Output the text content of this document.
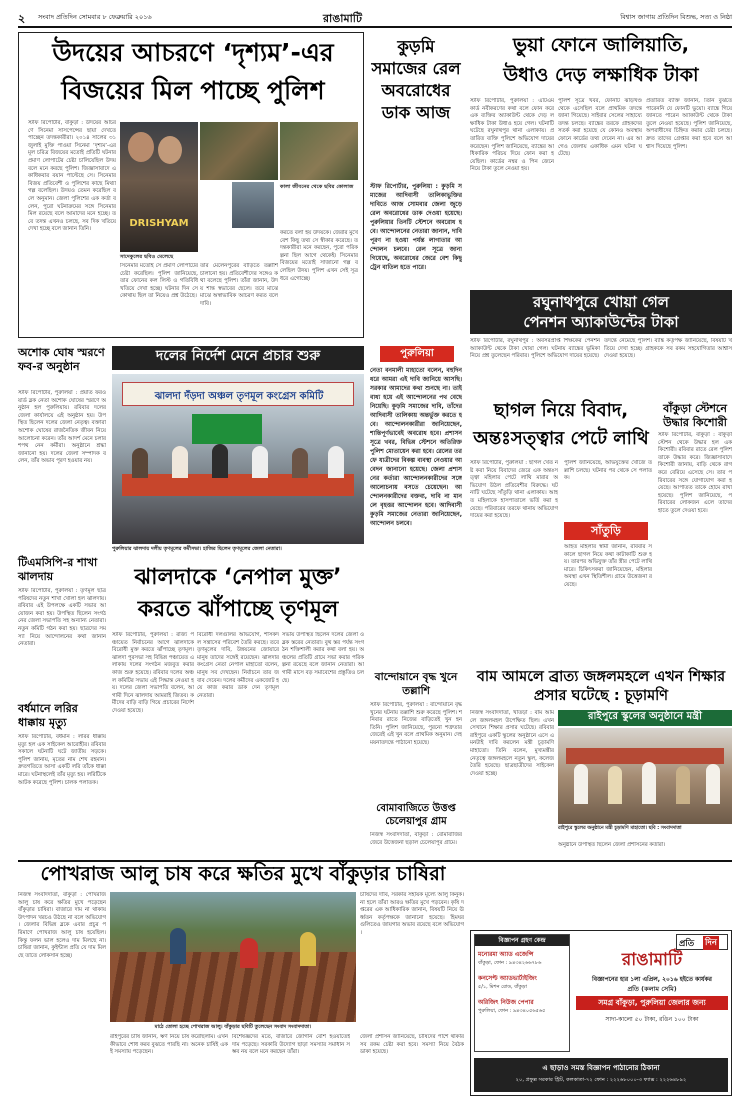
২ সংবাদ প্রতিদিন সোমবার ৮ ফেব্রুয়ারি ২০১৬	রাঙামাটি	বিশ্বাস জাগায় প্রতিদিন বিশুদ্ধ, সত্য ও নিষ্ঠা
উদয়ের আচরণে ‘দৃশ্যম’-এর
বিজয়ের মিল পাচ্ছে পুলিশ
স্টাফ রিপোর্টার, বাঁকুড়া : উদয়ের আচরণে সিনেমা সাসপেন্সের ছায়া দেখতে পাচ্ছেন তদন্তকারীরা। ২০১৪ সালের ৩১ জুলাই মুক্তি পাওয়া সিনেমা ‘দৃশ্যম’-এর মূল চরিত্র বিজয়ের মতোই প্রতিটি ঘটনার প্রমাণ লোপাটের চেষ্টা চালিয়েছিল উদয় বলে মনে করছে পুলিশ। জিজ্ঞাসাবাদে একাধিকবার বয়ান পাল্টেছে সে। সিনেমার বিজয় প্রতিবেশী ও পুলিশের কাছে মিথ্যা গল্প বলেছিল। উদয়ও তেমন করেছিল বলে অনুমান। জেলা পুলিশের এক কর্তা বলেন, পুরো ঘটনাক্রমের সঙ্গে সিনেমার মিল রয়েছে বলে আমাদের মনে হচ্ছে। তবে তদন্ত এখনও চলছে, সব দিক খতিয়ে দেখা হচ্ছে বলে জানান তিনি।
DRISHYAM
কালা জীবনের থেকে ছবির কোলাজ
সাদেকুলের ছবিও মেলেছে
সিনেমার মতোই সে প্রমাণ লোপাটের চেষ্টা করেছিল। পুলিশ জানিয়েছে, তার ফোনের কল লিস্ট ও গতিবিধি খতিয়ে দেখা হচ্ছে। ঘটনার দিন সে কোথায় ছিল তা নিয়েও প্রশ্ন উঠেছে।
তার মেলেনপুরের বাড়িতে তল্লাশি চালানো হয়। প্রতিবেশীদের সঙ্গেও কথা বলেছে পুলিশ। তাঁরা জানান, উদয় শান্ত স্বভাবের ছেলে। তবে মাঝে মাঝে অস্বাভাবিক আচরণ করত বলে দাবি।
করতে বলা হয় উদয়কে। জেরার মুখে বেশ কিছু তথ্য সে স্বীকার করেছে। তদন্তকারীরা মনে করছেন, পুরো পরিকল্পনা ছিল আগে থেকেই। সিনেমার বিজয়ের মতোই সাজানো গল্প বলেছিল উদয়। পুলিশ এখন সেই সূত্র ধরে এগোচ্ছে।
কুড়মি সমাজের রেল অবরোধের ডাক আজ
স্টাফ রিপোর্টার, পুরুলিয়া : কুড়মি সমাজের আদিবাসী তালিকাভুক্তির দাবিতে আজ সোমবার জেলা জুড়ে রেল অবরোধের ডাক দেওয়া হয়েছে। পুরুলিয়ার তিনটি স্টেশনে অবরোধ হবে। আন্দোলনের নেতারা জানান, দাবি পূরণ না হওয়া পর্যন্ত লাগাতার আন্দোলন চলবে। রেল সূত্রে জানা গিয়েছে, অবরোধের জেরে বেশ কিছু ট্রেন বাতিল হতে পারে।
পুরুলিয়া
নেতা বনমালী মাহাতো বলেন, বহুদিন ধরে আমরা এই দাবি জানিয়ে আসছি। সরকার আমাদের কথা শুনছে না। তাই বাধ্য হয়ে এই আন্দোলনের পথ বেছে নিয়েছি। কুড়মি সমাজের দাবি, তাঁদের আদিবাসী তালিকায় অন্তর্ভুক্ত করতে হবে। আন্দোলনকারীরা জানিয়েছেন, শান্তিপূর্ণভাবেই অবরোধ হবে। প্রশাসন সূত্রে খবর, বিভিন্ন স্টেশনে অতিরিক্ত পুলিশ মোতায়েন করা হবে। রেলের তরফে যাত্রীদের বিকল্প ব্যবস্থা নেওয়ার আবেদন জানানো হয়েছে। জেলা প্রশাসনের কর্তারা আন্দোলনকারীদের সঙ্গে আলোচনায় বসতে চেয়েছেন। আন্দোলনকারীদের বক্তব্য, দাবি না মানলে বৃহত্তর আন্দোলন হবে। আদিবাসী কুড়মি সমাজের নেতারা জানিয়েছেন, আন্দোলন চলবে।
ভুয়া ফোনে জালিয়াতি,
উধাও দেড় লক্ষাধিক টাকা
স্টাফ রিপোর্টার, পুরুলিয়া : এটিএম কার্ড নবীকরণের কথা বলে ফোন করে এক ব্যক্তির অ্যাকাউন্ট থেকে দেড় লক্ষাধিক টাকা উধাও হয়ে গেল। ঘটনাটি ঘটেছে রঘুনাথপুর থানা এলাকায়। প্রতারিত ব্যক্তি পুলিশে অভিযোগ দায়ের করেছেন। পুলিশ জানিয়েছে, ব্যাঙ্কের আধিকারিক পরিচয় দিয়ে ফোন করা হয়েছিল। কার্ডের নম্বর ও পিন জেনে নিয়ে টাকা তুলে নেওয়া হয়।
পুলিশ সূত্রে খবর, ফোনটি ঝাড়খণ্ড থেকে এসেছিল বলে প্রাথমিক তদন্তে জানা গিয়েছে। সাইবার সেলের সাহায্যে তদন্ত চলছে। ব্যাঙ্কের তরফে গ্রাহকদের সতর্ক করা হয়েছে যে কোনও অবস্থায় ফোনে কার্ডের তথ্য দেবেন না। এর আগেও জেলায় একাধিক এমন ঘটনা ঘটেছে।
প্রতারিত ব্যক্তি জানান, তিনি বুঝতে পারেননি যে ফোনটি ভুয়ো। ব্যাঙ্কে গিয়ে জানতে পারেন অ্যাকাউন্ট থেকে টাকা তুলে নেওয়া হয়েছে। পুলিশ জানিয়েছে, অপরাধীদের চিহ্নিত করার চেষ্টা চলছে। দ্রুত তাদের গ্রেপ্তার করা হবে বলে আশ্বাস দিয়েছে পুলিশ।
রঘুনাথপুরে খোয়া গেল
পেনশন অ্যাকাউন্টের টাকা
স্টাফ রিপোর্টার, রঘুনাথপুর : অবসরপ্রাপ্ত শিক্ষকের পেনশন অ্যাকাউন্ট থেকে টাকা খোয়া গেল। ঘটনায় ব্যাঙ্কের ভূমিকা নিয়ে প্রশ্ন তুলেছেন পরিবার। পুলিশে অভিযোগ দায়ের হয়েছে।
তদন্তে নেমেছে পুলিশ। ব্যাঙ্ক কর্তৃপক্ষ জানিয়েছে, বিষয়টি খতিয়ে দেখা হচ্ছে। গ্রাহককে সব রকম সহযোগিতার আশ্বাস দেওয়া হয়েছে।
অশোক ঘোষ স্মরণে ফব-র অনুষ্ঠান
স্টাফ রিপোর্টার, পুরুলিয়া : প্রয়াত ফরওয়ার্ড ব্লক নেতা অশোক ঘোষের স্মরণে অনুষ্ঠান হল পুরুলিয়ায়। রবিবার দলের জেলা কার্যালয়ে এই অনুষ্ঠান হয়। উপস্থিত ছিলেন দলের জেলা নেতৃত্ব। বক্তারা অশোক ঘোষের রাজনৈতিক জীবন নিয়ে আলোচনা করেন। তাঁর আদর্শ মেনে চলার শপথ নেন কর্মীরা। অনুষ্ঠানে শ্রদ্ধা জানানো হয়। দলের জেলা সম্পাদক বলেন, তাঁর অভাব পূরণ হওয়ার নয়।
দলের নির্দেশ মেনে প্রচার শুরু
ঝালদা দঁড়দা অঞ্চল তৃণমূল কংগ্রেস কমিটি
পুরুলিয়ার ঝালদায় দলীয় তৃণমূলের কর্মীসভা। হাজির ছিলেন তৃণমূলের জেলা নেতারা।
টিএমসিপি-র শাখা ঝালদায়
স্টাফ রিপোর্টার, পুরুলিয়া : তৃণমূল ছাত্র পরিষদের নতুন শাখা খোলা হল ঝালদায়। রবিবার এই উপলক্ষে একটি সভার আয়োজন করা হয়। উপস্থিত ছিলেন সংগঠনের জেলা সভাপতি সহ অন্যান্য নেতারা। নতুন কমিটি গঠন করা হয়। ছাত্রদের সমস্যা নিয়ে আন্দোলনের কথা জানান নেতারা।
বর্ধমানে লরির ধাক্কায় মৃত্যু
স্টাফ রিপোর্টার, বর্ধমান : লরির ধাক্কায় মৃত্যু হল এক সাইকেল আরোহীর। রবিবার সকালে ঘটনাটি ঘটে জাতীয় সড়কে। পুলিশ জানায়, মৃতের নাম শেখ রহমান। দ্রুতগতিতে আসা একটি লরি তাঁকে ধাক্কা মারে। ঘটনাস্থলেই তাঁর মৃত্যু হয়। লরিটিকে আটক করেছে পুলিশ। চালক পলাতক।
ঝালদাকে ‘নেপাল মুক্ত’
করতে ঝাঁপাচ্ছে তৃণমূল
স্টাফ রিপোর্টার, পুরুলিয়া : রাজ্য পঞ্চায়েত নির্বাচনের আগে ঝালদাকে বিরোধী মুক্ত করতে ঝাঁপাচ্ছে তৃণমূল। ঝালদা পুরসভা সহ বিভিন্ন পঞ্চায়েত এলাকায় দলের সংগঠন মজবুত করার কাজ শুরু হয়েছে। রবিবার দলের অঞ্চল কমিটির সভায় এই সিদ্ধান্ত নেওয়া হয়। দলের জেলা সভাপতি বলেন, আগামী দিনে ঝালদায় আমরাই জিতব। কর্মীদের বাড়ি বাড়ি গিয়ে প্রচারের নির্দেশ দেওয়া হয়েছে।
বিরোধী দলগুলির অভিযোগ, শাসকদল সন্ত্রাসের পরিবেশ তৈরি করছে। তবে তৃণমূলের দাবি, উন্নয়নের জোয়ারে মানুষ তাদের সঙ্গেই রয়েছেন। ঝালদার কংগ্রেস নেতা নেপাল মাহাতো বলেন, মানুষ সব দেখছেন। নির্বাচনে তার জবাব দেবেন। দলের কর্মীদের একজোট হয়ে কাজ করার ডাক দেন তৃণমূল নেতারা।
সভায় উপস্থিত ছিলেন দলের জেলা ও ব্লক স্তরের নেতারা। বুথ স্তর পর্যন্ত সংগঠন শক্তিশালী করার কথা বলা হয়। অঞ্চলের প্রতিটি গ্রামে সভা করার পরিকল্পনা রয়েছে বলে জানান নেতারা। আগামী মাসে বড় সমাবেশের প্রস্তুতিও চলছে।
ছাগল নিয়ে বিবাদ,
অন্তঃসত্ত্বার পেটে লাথি
স্টাফ রিপোর্টার, পুরুলিয়া : ছাগল খেত নষ্ট করা নিয়ে বিবাদের জেরে এক অন্তঃসত্ত্বা মহিলার পেটে লাথি মারার অভিযোগ উঠল প্রতিবেশীর বিরুদ্ধে। ঘটনাটি ঘটেছে সাঁতুড়ি থানা এলাকায়। আহত মহিলাকে হাসপাতালে ভর্তি করা হয়েছে। পরিবারের তরফে থানায় অভিযোগ দায়ের করা হয়েছে।
সাঁতুড়ি
পুলিশ জানিয়েছে, অভিযুক্তের খোঁজে তল্লাশি চলছে। ঘটনার পর থেকে সে পলাতক।
আহত মহিলার স্বামী জানান, রবিবার সকালে ছাগল নিয়ে কথা কাটাকাটি শুরু হয়। তারপর অভিযুক্ত তাঁর স্ত্রীর পেটে লাথি মারে। চিকিৎসকরা জানিয়েছেন, মহিলার অবস্থা এখন স্থিতিশীল। গ্রামে উত্তেজনা রয়েছে।
বাঁকুড়া স্টেশনে উদ্ধার কিশোরী
স্টাফ রিপোর্টার, বাঁকুড়া : বাঁকুড়া স্টেশন থেকে উদ্ধার হল এক কিশোরী। রবিবার রাতে রেল পুলিশ তাকে উদ্ধার করে। জিজ্ঞাসাবাদে কিশোরী জানায়, বাড়ি থেকে রাগ করে বেরিয়ে এসেছে সে। তার পরিবারের সঙ্গে যোগাযোগ করা হয়েছে। আপাতত তাকে হোমে রাখা হয়েছে। পুলিশ জানিয়েছে, পরিবারের লোকজন এলে তাদের হাতে তুলে দেওয়া হবে।
বান্দোয়ানে বৃদ্ধ খুনে তল্লাশি
স্টাফ রিপোর্টার, পুরুলিয়া : বান্দোয়ানে বৃদ্ধ খুনের ঘটনায় তল্লাশি শুরু করেছে পুলিশ। শনিবার রাতে নিজের বাড়িতেই খুন হন তিনি। পুলিশ জানিয়েছে, পুরনো শত্রুতার জেরেই এই খুন বলে প্রাথমিক অনুমান। দেহ ময়নাতদন্তে পাঠানো হয়েছে।
বোমাবাজিতে উত্তপ্ত চেলেয়াপুর গ্রাম
নিজস্ব সংবাদদাতা, বাঁকুড়া : বোমাবাজির জেরে উত্তেজনা ছড়াল চেলেয়াপুর গ্রামে।
বাম আমলে ব্রাত্য জঙ্গলমহলে এখন শিক্ষার প্রসার ঘটেছে : চূড়ামণি
নিজস্ব সংবাদদাতা, খাতড়া : বাম আমলে জঙ্গলমহল উপেক্ষিত ছিল। এখন সেখানে শিক্ষার প্রসার ঘটেছে। রবিবার রাইপুরে একটি স্কুলের অনুষ্ঠানে এসে এমনটাই দাবি করলেন মন্ত্রী চূড়ামণি মাহাতো। তিনি বলেন, মুখ্যমন্ত্রীর নেতৃত্বে জঙ্গলমহলে নতুন স্কুল, কলেজ তৈরি হয়েছে। ছাত্রছাত্রীদের সাইকেল দেওয়া হচ্ছে।
রাইপুরে স্কুলের অনুষ্ঠানে মন্ত্রী
রাইপুরে স্কুলের অনুষ্ঠানে মন্ত্রী চূড়ামণি মাহাতো। ছবি : সংবাদদাতা
অনুষ্ঠানে উপস্থিত ছিলেন জেলা প্রশাসনের কর্তারা।
পোখরাজ আলু চাষ করে ক্ষতির মুখে বাঁকুড়ার চাষিরা
নিজস্ব সংবাদদাতা, বাঁকুড়া : পোখরাজ আলু চাষ করে ক্ষতির মুখে পড়েছেন বাঁকুড়ার চাষিরা। বাজারে দাম না থাকায় উৎপাদন খরচও উঠছে না বলে অভিযোগ। জেলার বিভিন্ন ব্লকে এবার প্রচুর পরিমাণে পোখরাজ আলু চাষ হয়েছিল। কিন্তু ফলন ভাল হলেও দাম মিলছে না। চাষিরা জানান, কুইন্টাল প্রতি যে দাম মিলছে তাতে লোকসান হচ্ছে।
মাঠে তোলা হচ্ছে পোখরাজ আলু। বাঁকুড়ার ছবিটি তুলেছেন সংবাদ সংবাদদাতা।
চাষিদের দাবি, সরকার সহায়ক মূল্যে আলু কিনুক। না হলে তাঁরা আরও ক্ষতির মুখে পড়বেন। কৃষি দপ্তরের এক আধিকারিক জানান, বিষয়টি নিয়ে ঊর্ধ্বতন কর্তৃপক্ষকে জানানো হয়েছে। হিমঘরগুলিতেও জায়গার অভাব রয়েছে বলে অভিযোগ।
রাইপুরের চাষি জানান, ঋণ নিয়ে চাষ করেছিলাম। এখন কীভাবে শোধ করব বুঝতে পারছি না। অনেক চাষিই একই সমস্যায় পড়েছেন।
বিশেষজ্ঞদের মতে, বাজারে জোগান বেশি হওয়াতেই দাম পড়েছে। সরকারি উদ্যোগ ছাড়া সমস্যার সমাধান সম্ভব নয় বলে মনে করছেন তাঁরা।
জেলা প্রশাসন জানিয়েছে, চাষিদের পাশে থাকার সব রকম চেষ্টা করা হবে। সমস্যা নিয়ে বৈঠক ডাকা হয়েছে।
বিজ্ঞাপন গ্রহণ কেন্দ্র
মনোরমা অ্যাড এজেন্সি
বাঁকুড়া, ফোন : ৯৪৩৪২৬৬৭৮৬
কনসেপ্ট অ্যাডভার্টাইজিং
৫/১, মিশন রোড, বাঁকুড়া
অরিজিৎ নিউজ পেপার
পুরুলিয়া, ফোন : ৯৪৩৪০৫৬৫৬৫
প্রতি দিন
রাঙামাটি
বিজ্ঞাপনের হার ১লা এপ্রিল, ২০১৬ হইতে কার্যকর
প্রতি (কলাম সেমি)
সমগ্র বাঁকুড়া, পুরুলিয়া জেলার জন্য
সাদা-কালো ৫০ টাকা, রঙিন ১০০ টাকা
এ ছাড়াও সমস্ত বিজ্ঞাপন পাঠানোর ঠিকানা
২০, প্রফুল্ল সরকার স্ট্রিট, কলকাতা-৭২ ফোন : ২২২৬৮০০০-৩ ফ্যাক্স : ২২২৬৪৮৯২
